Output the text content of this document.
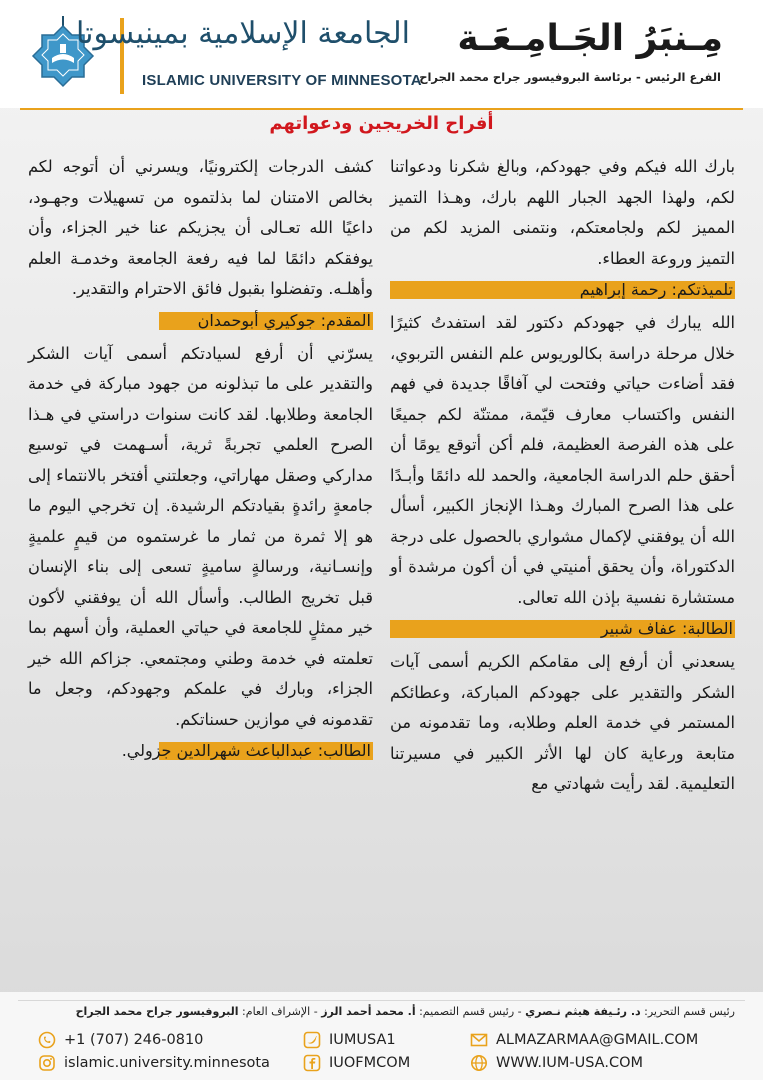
الجامعة الإسلامية بمينيسوتا
ISLAMIC UNIVERSITY OF MINNESOTA
مِـنبَرُ الجَـامِـعَـة
الفرع الرئيس - برئاسة البروفيسور جراح محمد الجراح
أفراح الخريجين ودعواتهم

بارك الله فيكم وفي جهودكم، وبالغ شكرنا ودعواتنا لكم، ولهذا الجهد الجبار اللهم بارك، وهـذا التميز المميز لكم ولجامعتكم، ونتمنى المزيد لكم من التميز وروعة العطاء.

تلميذتكم: رحمة إبراهيم

الله يبارك في جهودكم دكتور لقد استفدتُ كثيرًا خلال مرحلة دراسة بكالوريوس علم النفس التربوي، فقد أضاءت حياتي وفتحت لي آفاقًا جديدة في فهم النفس واكتساب معارف قيّمة، ممتنّة لكم جميعًا على هذه الفرصة العظيمة، فلم أكن أتوقع يومًا أن أحقق حلم الدراسة الجامعية، والحمد لله دائمًا وأبـدًا على هذا الصرح المبارك وهـذا الإنجاز الكبير، أسأل الله أن يوفقني لإكمال مشواري بالحصول على درجة الدكتوراة، وأن يحقق أمنيتي في أن أكون مرشدة أو مستشارة نفسية بإذن الله تعالى.

الطالبة: عفاف شبير

يسعدني أن أرفع إلى مقامكم الكريم أسمى آيات الشكر والتقدير على جهودكم المباركة، وعطائكم المستمر في خدمة العلم وطلابه، وما تقدمونه من متابعة ورعاية كان لها الأثر الكبير في مسيرتنا التعليمية. لقد رأيت شهادتي مع

كشف الدرجات إلكترونيًا، ويسرني أن أتوجه لكم بخالص الامتنان لما بذلتموه من تسهيلات وجهـود، داعيًا الله تعـالى أن يجزيكم عنا خير الجزاء، وأن يوفقكم دائمًا لما فيه رفعة الجامعة وخدمـة العلم وأهلـه. وتفضلوا بقبول فائق الاحترام والتقدير.

المقدم: جوكيري أبوحمدان

يسرّني أن أرفع لسيادتكم أسمى آيات الشكر والتقدير على ما تبذلونه من جهود مباركة في خدمة الجامعة وطلابها. لقد كانت سنوات دراستي في هـذا الصرح العلمي تجربةً ثرية، أسـهمت في توسيع مداركي وصقل مهاراتي، وجعلتني أفتخر بالانتماء إلى جامعةٍ رائدةٍ بقيادتكم الرشيدة. إن تخرجي اليوم ما هو إلا ثمرة من ثمار ما غرستموه من قيمٍ علميةٍ وإنسـانية، ورسالةٍ ساميةٍ تسعى إلى بناء الإنسان قبل تخريج الطالب. وأسأل الله أن يوفقني لأكون خير ممثلٍ للجامعة في حياتي العملية، وأن أسهم بما تعلمته في خدمة وطني ومجتمعي. جزاكم الله خير الجزاء، وبارك في علمكم وجهودكم، وجعل ما تقدمونه في موازين حسناتكم.

الطالب: عبدالباعث شهرالدين جزولي.
رئيس قسم التحرير: د. رئـيفة هيثم نـصري - رئيس قسم التصميم: أ. محمد أحمد الرز - الإشراف العام: البروفيسور جراح محمد الجراح
+1 (707) 246-0810
islamic.university.minnesota
IUMUSA1
IUOFMCOM
ALMAZARMAA@GMAIL.COM
WWW.IUM-USA.COM
